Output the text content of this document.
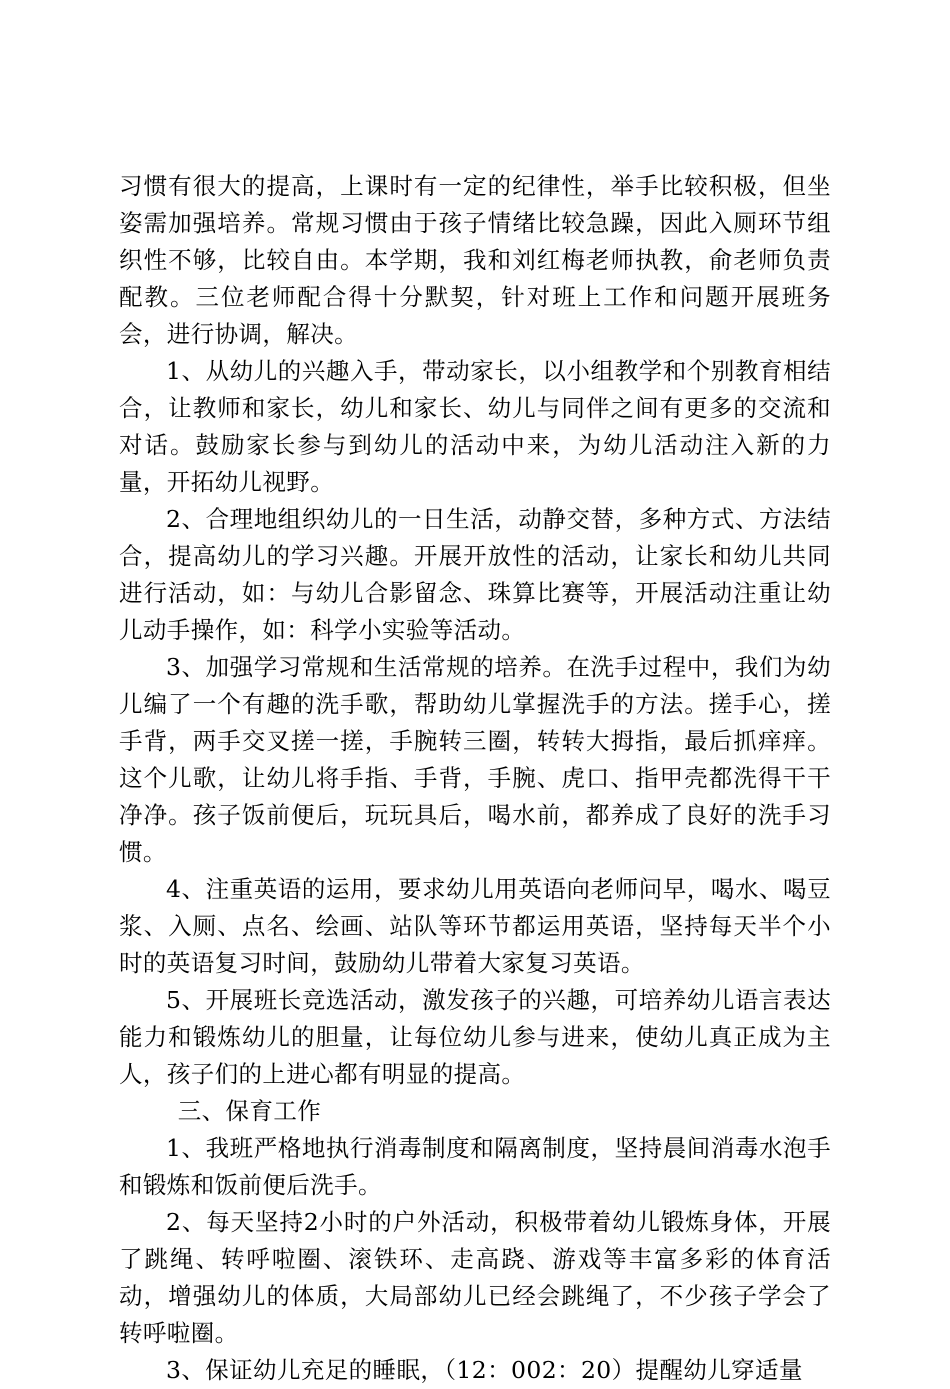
习惯有很大的提高，上课时有一定的纪律性，举手比较积极，但坐姿需加强培养。常规习惯由于孩子情绪比较急躁，因此入厕环节组织性不够，比较自由。本学期，我和刘红梅老师执教，俞老师负责配教。三位老师配合得十分默契，针对班上工作和问题开展班务会，进行协调，解决。

1、从幼儿的兴趣入手，带动家长，以小组教学和个别教育相结合，让教师和家长，幼儿和家长、幼儿与同伴之间有更多的交流和对话。鼓励家长参与到幼儿的活动中来，为幼儿活动注入新的力量，开拓幼儿视野。

2、合理地组织幼儿的一日生活，动静交替，多种方式、方法结合，提高幼儿的学习兴趣。开展开放性的活动，让家长和幼儿共同进行活动，如：与幼儿合影留念、珠算比赛等，开展活动注重让幼儿动手操作，如：科学小实验等活动。

3、加强学习常规和生活常规的培养。在洗手过程中，我们为幼儿编了一个有趣的洗手歌，帮助幼儿掌握洗手的方法。搓手心，搓手背，两手交叉搓一搓，手腕转三圈，转转大拇指，最后抓痒痒。这个儿歌，让幼儿将手指、手背，手腕、虎口、指甲壳都洗得干干净净。孩子饭前便后，玩玩具后，喝水前，都养成了良好的洗手习惯。

4、注重英语的运用，要求幼儿用英语向老师问早，喝水、喝豆浆、入厕、点名、绘画、站队等环节都运用英语，坚持每天半个小时的英语复习时间，鼓励幼儿带着大家复习英语。

5、开展班长竞选活动，激发孩子的兴趣，可培养幼儿语言表达能力和锻炼幼儿的胆量，让每位幼儿参与进来，使幼儿真正成为主人，孩子们的上进心都有明显的提高。

三、保育工作

1、我班严格地执行消毒制度和隔离制度，坚持晨间消毒水泡手和锻炼和饭前便后洗手。

2、每天坚持2小时的户外活动，积极带着幼儿锻炼身体，开展了跳绳、转呼啦圈、滚铁环、走高跷、游戏等丰富多彩的体育活动，增强幼儿的体质，大局部幼儿已经会跳绳了，不少孩子学会了转呼啦圈。

3、保证幼儿充足的睡眠，（12：002：20）提醒幼儿穿适量
